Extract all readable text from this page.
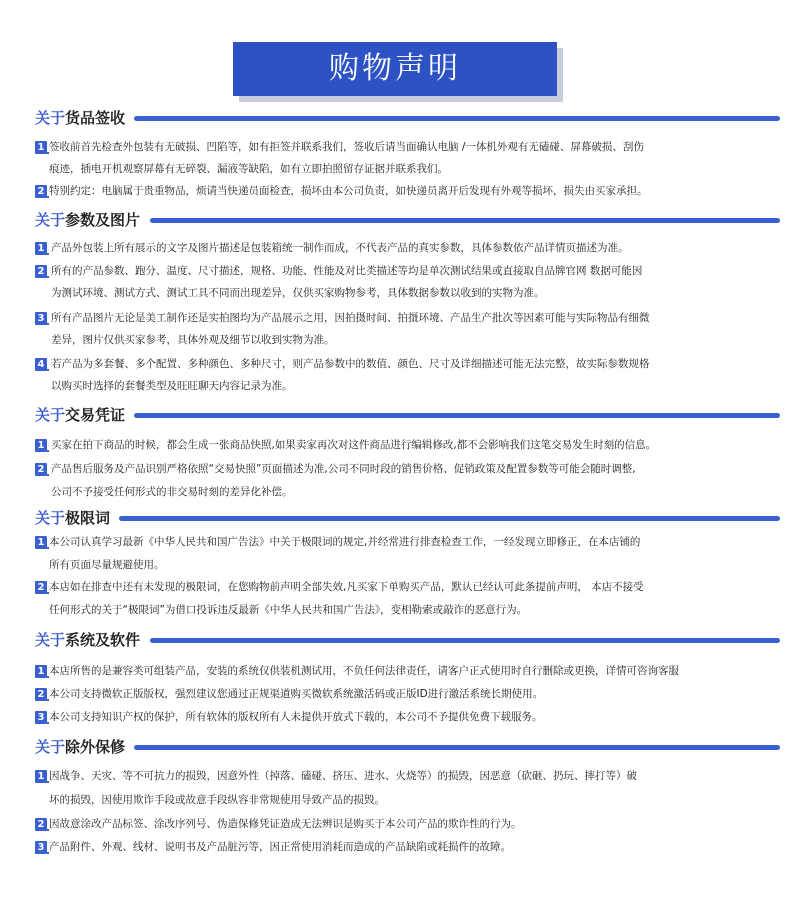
购物声明
关于 货品签收
1 签收前首先检查外包装有无破损、凹陷等，如有拒签并联系我们，签收后请当面确认电脑 /一体机外观有无磕碰、屏幕破损、刮伤
痕迹，插电开机观察屏幕有无碎裂、漏液等缺陷，如有立即拍照留存证据并联系我们。
2 特别约定：电脑属于贵重物品，烦请当快递员面检查，损坏由本公司负责，如快递员离开后发现有外观等损坏，损失由买家承担。
关于 参数及图片
1 产品外包装上所有展示的文字及图片描述是包装箱统一制作而成，不代表产品的真实参数，具体参数依产品详情页描述为准。
2 所有的产品参数、跑分、温度、尺寸描述，规格、功能、性能及对比类描述等均是单次测试结果或直接取自品牌官网 数据可能因
为测试环境、测试方式、测试工具不同而出现差异，仅供买家购物参考，具体数据参数以收到的实物为准。
3 所有产品图片无论是美工制作还是实拍图均为产品展示之用，因拍摄时间、拍摄环境、产品生产批次等因素可能与实际物品有细微
差异，图片仅供买家参考，具体外观及细节以收到实物为准。
4 若产品为多套餐、多个配置、多种颜色、多种尺寸，则产品参数中的数值、颜色、尺寸及详细描述可能无法完整，故实际参数规格
以购买时选择的套餐类型及旺旺聊天内容记录为准。
关于 交易凭证
1 买家在拍下商品的时候，都会生成一张商品快照,如果卖家再次对这件商品进行编辑修改,都不会影响我们这笔交易发生时刻的信息。
2 产品售后服务及产品识别严格依照“交易快照”页面描述为准,公司不同时段的销售价格、促销政策及配置参数等可能会随时调整,
公司不予接受任何形式的非交易时刻的差异化补偿。
关于 极限词
1 本公司认真学习最新《中华人民共和国广告法》中关于极限词的规定,并经常进行排查检查工作，一经发现立即修正，在本店铺的
所有页面尽量规避使用。
2 本店如在排查中还有未发现的极限词，在您购物前声明全部失效,凡买家下单购买产品，默认已经认可此条提前声明， 本店不接受
任何形式的关于“极限词”为借口投诉违反最新《中华人民共和国广告法》，变相勒索或敲诈的恶意行为。
关于 系统及软件
1 本店所售的是兼容类可组装产品，安装的系统仅供装机测试用，不负任何法律责任，请客户正式使用时自行删除或更换，详情可咨询客服
2 本公司支持微软正版版权，强烈建议您通过正规渠道购买微软系统激活码或正版ID进行激活系统长期使用。
3 本公司支持知识产权的保护，所有软体的版权所有人未提供开放式下载的，本公司不予提供免费下载服务。
关于 除外保修
1 因战争、天灾、等不可抗力的损毁，因意外性（掉落、磕碰、挤压、进水、火烧等）的损毁，因恶意（砍砸、扔玩、摔打等）破
坏的损毁，因使用欺诈手段或故意手段纵容非常规使用导致产品的损毁。
2 因故意涂改产品标签、涂改序列号、伪造保修凭证造成无法辨识是购买于本公司产品的欺诈性的行为。
3 产品附件、外观、线材、说明书及产品脏污等，因正常使用消耗而造成的产品缺陷或耗损件的故障。
